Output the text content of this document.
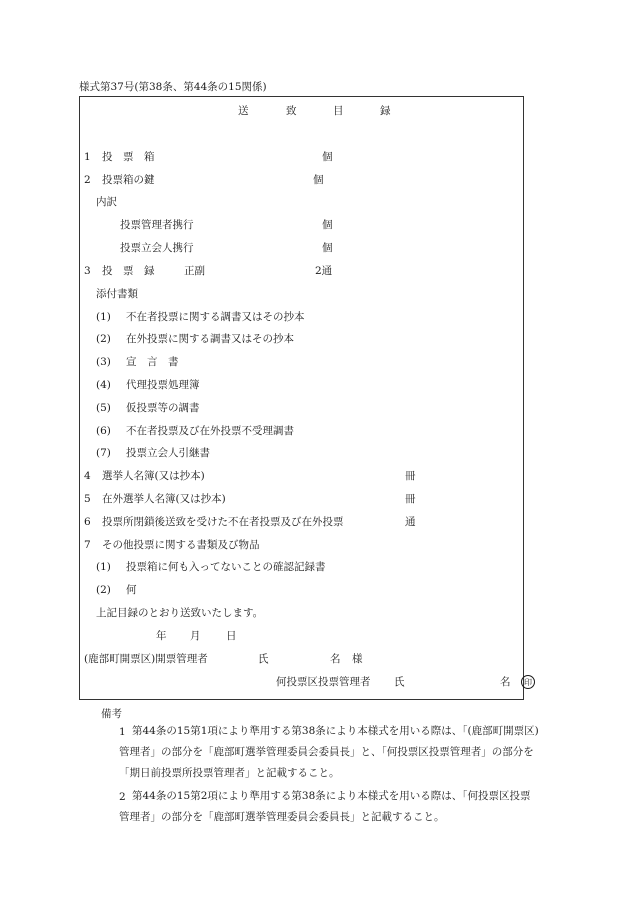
様式第37号(第38条、第44条の15関係)
送	致	目	録
1 投　票　箱	個
2 投票箱の鍵	個
内訳
投票管理者携行	個
投票立会人携行	個
3 投　票　録	正副	2通
添付書類
(1) 不在者投票に関する調書又はその抄本
(2) 在外投票に関する調書又はその抄本
(3) 宣　言　書
(4) 代理投票処理簿
(5) 仮投票等の調書
(6) 不在者投票及び在外投票不受理調書
(7) 投票立会人引継書
4 選挙人名簿(又は抄本)	冊
5 在外選挙人名簿(又は抄本)	冊
6 投票所閉鎖後送致を受けた不在者投票及び在外投票	通
7 その他投票に関する書類及び物品
(1) 投票箱に何も入ってないことの確認記録書
(2) 何
上記目録のとおり送致いたします。
年 月 日
(鹿部町開票区)開票管理者	氏	名 様
何投票区投票管理者 氏	名	印
備考
1 第44条の15第1項により準用する第38条により本様式を用いる際は、「(鹿部町開票区)管理者」の部分を「鹿部町選挙管理委員会委員長」と、「何投票区投票管理者」の部分を「期日前投票所投票管理者」と記載すること。
2 第44条の15第2項により準用する第38条により本様式を用いる際は、「何投票区投票管理者」の部分を「鹿部町選挙管理委員会委員長」と記載すること。
